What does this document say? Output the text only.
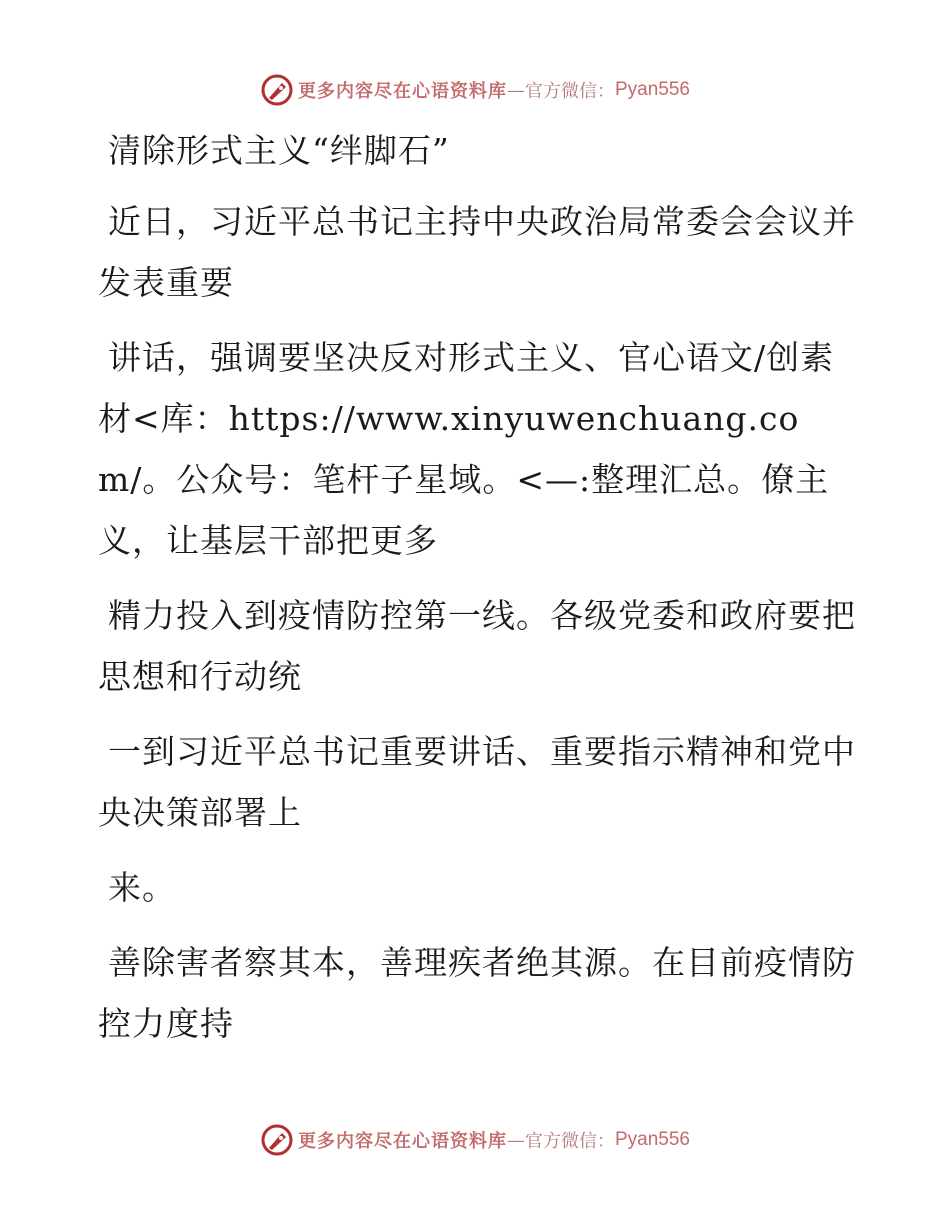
更多内容尽在心语资料库 — 官方微信： Pyan556

清除形式主义“绊脚石”

近日，习近平总书记主持中央政治局常委会会议并发表重要

讲话，强调要坚决反对形式主义、官心语文/创素材<库：https://www.xinyuwenchuang.com/。公众号：笔杆子星域。<—:整理汇总。僚主义，让基层干部把更多

精力投入到疫情防控第一线。各级党委和政府要把思想和行动统

一到习近平总书记重要讲话、重要指示精神和党中央决策部署上

来。

善除害者察其本，善理疾者绝其源。在目前疫情防控力度持

更多内容尽在心语资料库 — 官方微信： Pyan556
